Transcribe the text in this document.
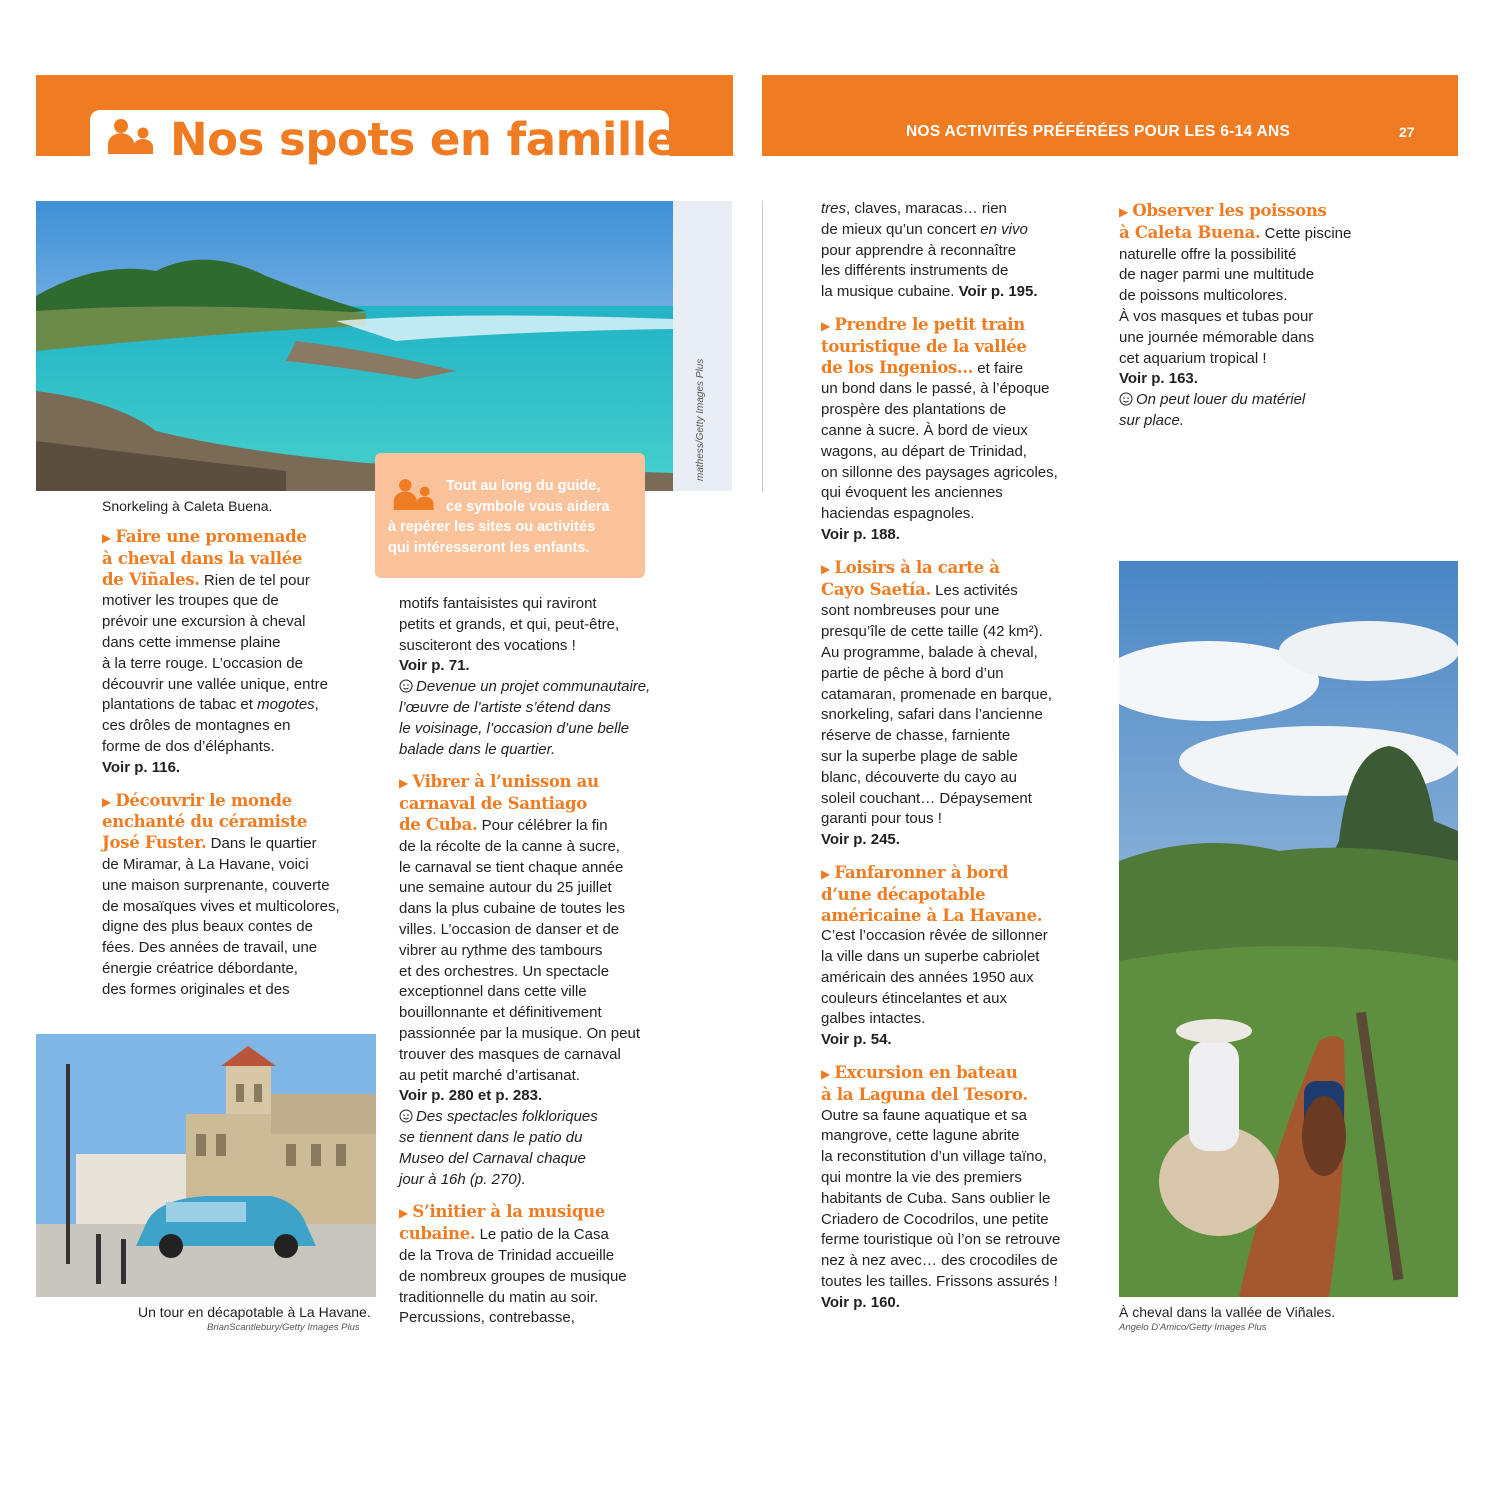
Nos spots en famille	NOS ACTIVITÉS PRÉFÉRÉES POUR LES 6-14 ANS	27
mathess/Getty Images Plus
Snorkeling à Caleta Buena.
Tout au long du guide,
ce symbole vous aidera
à repérer les sites ou activités
qui intéresseront les enfants.

▶ Faire une promenade

à cheval dans la vallée

de Viñales. Rien de tel pour

motiver les troupes que de

prévoir une excursion à cheval

dans cette immense plaine

à la terre rouge. L’occasion de

découvrir une vallée unique, entre

plantations de tabac et mogotes,

ces drôles de montagnes en

forme de dos d’éléphants.

Voir p. 116.

▶ Découvrir le monde

enchanté du céramiste

José Fuster. Dans le quartier

de Miramar, à La Havane, voici

une maison surprenante, couverte

de mosaïques vives et multicolores,

digne des plus beaux contes de

fées. Des années de travail, une

énergie créatrice débordante,

des formes originales et des

Un tour en décapotable à La Havane.
BrianScantlebury/Getty Images Plus

motifs fantaisistes qui raviront

petits et grands, et qui, peut-être,

susciteront des vocations !

Voir p. 71.

Devenue un projet communautaire,

l’œuvre de l’artiste s’étend dans

le voisinage, l’occasion d’une belle

balade dans le quartier.

▶ Vibrer à l’unisson au

carnaval de Santiago

de Cuba. Pour célébrer la fin

de la récolte de la canne à sucre,

le carnaval se tient chaque année

une semaine autour du 25 juillet

dans la plus cubaine de toutes les

villes. L’occasion de danser et de

vibrer au rythme des tambours

et des orchestres. Un spectacle

exceptionnel dans cette ville

bouillonnante et définitivement

passionnée par la musique. On peut

trouver des masques de carnaval

au petit marché d’artisanat.

Voir p. 280 et p. 283.

Des spectacles folkloriques

se tiennent dans le patio du

Museo del Carnaval chaque

jour à 16h (p. 270).

▶ S’initier à la musique

cubaine. Le patio de la Casa

de la Trova de Trinidad accueille

de nombreux groupes de musique

traditionnelle du matin au soir.

Percussions, contrebasse,

tres, claves, maracas… rien

de mieux qu’un concert en vivo

pour apprendre à reconnaître

les différents instruments de

la musique cubaine. Voir p. 195.

▶ Prendre le petit train

touristique de la vallée

de los Ingenios… et faire

un bond dans le passé, à l’époque

prospère des plantations de

canne à sucre. À bord de vieux

wagons, au départ de Trinidad,

on sillonne des paysages agricoles,

qui évoquent les anciennes

haciendas espagnoles.

Voir p. 188.

▶ Loisirs à la carte à

Cayo Saetía. Les activités

sont nombreuses pour une

presqu’île de cette taille (42 km²).

Au programme, balade à cheval,

partie de pêche à bord d’un

catamaran, promenade en barque,

snorkeling, safari dans l’ancienne

réserve de chasse, farniente

sur la superbe plage de sable

blanc, découverte du cayo au

soleil couchant… Dépaysement

garanti pour tous !

Voir p. 245.

▶ Fanfaronner à bord

d’une décapotable

américaine à La Havane.

C’est l’occasion rêvée de sillonner

la ville dans un superbe cabriolet

américain des années 1950 aux

couleurs étincelantes et aux

galbes intactes.

Voir p. 54.

▶ Excursion en bateau

à la Laguna del Tesoro.

Outre sa faune aquatique et sa

mangrove, cette lagune abrite

la reconstitution d’un village taïno,

qui montre la vie des premiers

habitants de Cuba. Sans oublier le

Criadero de Cocodrilos, une petite

ferme touristique où l’on se retrouve

nez à nez avec… des crocodiles de

toutes les tailles. Frissons assurés !

Voir p. 160.

▶ Observer les poissons

à Caleta Buena. Cette piscine

naturelle offre la possibilité

de nager parmi une multitude

de poissons multicolores.

À vos masques et tubas pour

une journée mémorable dans

cet aquarium tropical !

Voir p. 163.

On peut louer du matériel

sur place.

À cheval dans la vallée de Viñales.
Angelo D'Amico/Getty Images Plus
